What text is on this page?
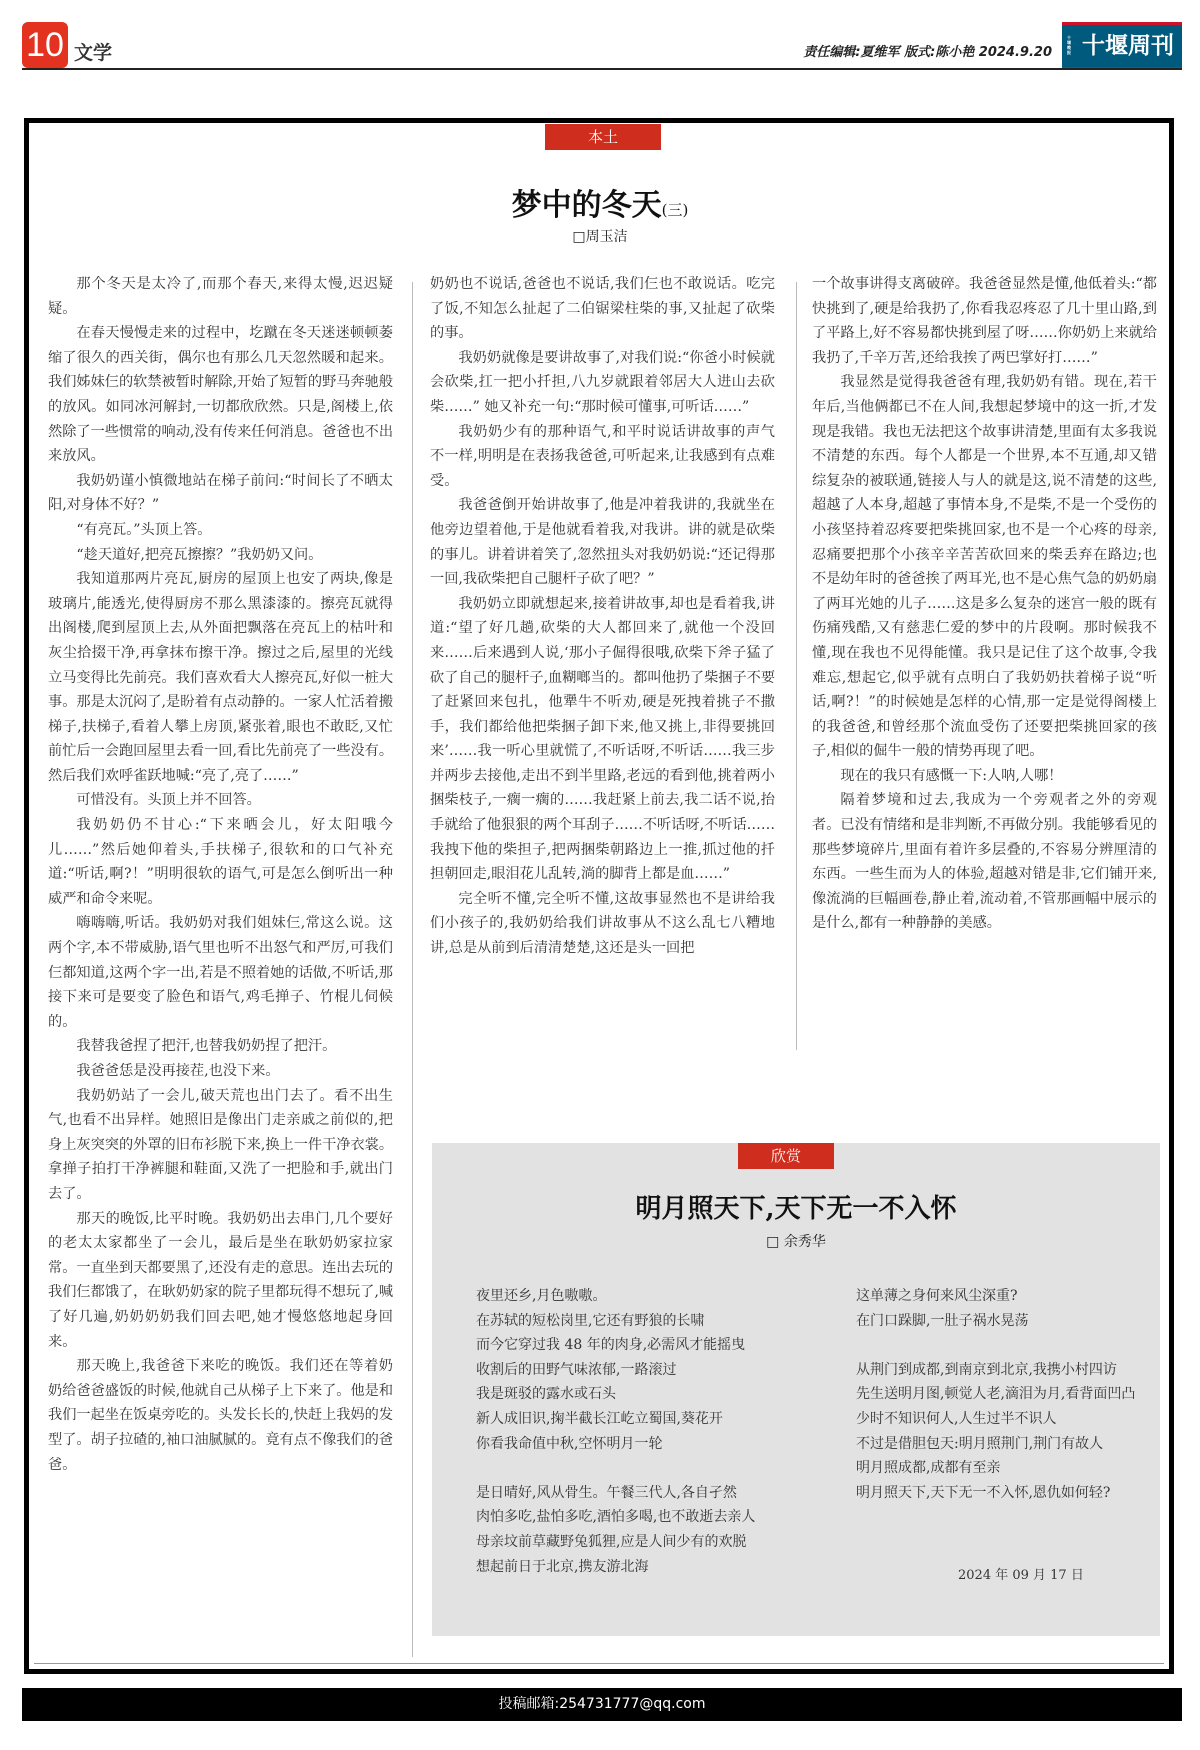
10 文学	责任编辑:夏维军 版式:陈小艳 2024.9.20
十堰晚报 十堰周刊
本土
梦中的冬天(三)
□周玉洁

那个冬天是太冷了,而那个春天,来得太慢,迟迟疑疑。

在春天慢慢走来的过程中，圪蹴在冬天迷迷顿顿萎缩了很久的西关街，偶尔也有那么几天忽然暖和起来。我们姊妹仨的软禁被暂时解除,开始了短暂的野马奔驰般的放风。如同冰河解封,一切都欣欣然。只是,阁楼上,依然除了一些惯常的响动,没有传来任何消息。爸爸也不出来放风。

我奶奶谨小慎微地站在梯子前问:“时间长了不晒太阳,对身体不好？”

“有亮瓦。”头顶上答。

“趁天道好,把亮瓦擦擦？”我奶奶又问。

我知道那两片亮瓦,厨房的屋顶上也安了两块,像是玻璃片,能透光,使得厨房不那么黑漆漆的。擦亮瓦就得出阁楼,爬到屋顶上去,从外面把飘落在亮瓦上的枯叶和灰尘拾掇干净,再拿抹布擦干净。擦过之后,屋里的光线立马变得比先前亮。我们喜欢看大人擦亮瓦,好似一桩大事。那是太沉闷了,是盼着有点动静的。一家人忙活着搬梯子,扶梯子,看着人攀上房顶,紧张着,眼也不敢眨,又忙前忙后一会跑回屋里去看一回,看比先前亮了一些没有。然后我们欢呼雀跃地喊:“亮了,亮了……”

可惜没有。头顶上并不回答。

我奶奶仍不甘心:“下来晒会儿，好太阳哦今儿……”然后她仰着头,手扶梯子,很软和的口气补充道:“听话,啊?！”明明很软的语气,可是怎么倒听出一种威严和命令来呢。

嗨嗨嗨,听话。我奶奶对我们姐妹仨,常这么说。这两个字,本不带威胁,语气里也听不出怒气和严厉,可我们仨都知道,这两个字一出,若是不照着她的话做,不听话,那接下来可是要变了脸色和语气,鸡毛掸子、竹棍儿伺候的。

我替我爸捏了把汗,也替我奶奶捏了把汗。

我爸爸恁是没再接茬,也没下来。

我奶奶站了一会儿,破天荒也出门去了。看不出生气,也看不出异样。她照旧是像出门走亲戚之前似的,把身上灰突突的外罩的旧布衫脱下来,换上一件干净衣裳。拿掸子拍打干净裤腿和鞋面,又洗了一把脸和手,就出门去了。

那天的晚饭,比平时晚。我奶奶出去串门,几个要好的老太太家都坐了一会儿，最后是坐在耿奶奶家拉家常。一直坐到天都要黑了,还没有走的意思。连出去玩的我们仨都饿了，在耿奶奶家的院子里都玩得不想玩了,喊了好几遍,奶奶奶奶我们回去吧,她才慢悠悠地起身回来。

那天晚上,我爸爸下来吃的晚饭。我们还在等着奶奶给爸爸盛饭的时候,他就自己从梯子上下来了。他是和我们一起坐在饭桌旁吃的。头发长长的,快赶上我妈的发型了。胡子拉碴的,袖口油腻腻的。竟有点不像我们的爸爸。

奶奶也不说话,爸爸也不说话,我们仨也不敢说话。吃完了饭,不知怎么扯起了二伯锯梁柱柴的事,又扯起了砍柴的事。

我奶奶就像是要讲故事了,对我们说:“你爸小时候就会砍柴,扛一把小扦担,八九岁就跟着邻居大人进山去砍柴……” 她又补充一句:“那时候可懂事,可听话……”

我奶奶少有的那种语气,和平时说话讲故事的声气不一样,明明是在表扬我爸爸,可听起来,让我感到有点难受。

我爸爸倒开始讲故事了,他是冲着我讲的,我就坐在他旁边望着他,于是他就看着我,对我讲。讲的就是砍柴的事儿。讲着讲着笑了,忽然扭头对我奶奶说:“还记得那一回,我砍柴把自己腿杆子砍了吧？”

我奶奶立即就想起来,接着讲故事,却也是看着我,讲道:“望了好几趟,砍柴的大人都回来了,就他一个没回来……后来遇到人说,‘那小子倔得很哦,砍柴下斧子猛了砍了自己的腿杆子,血糊啷当的。都叫他扔了柴捆子不要了赶紧回来包扎，他犟牛不听劝,硬是死拽着挑子不撒手，我们都给他把柴捆子卸下来,他又挑上,非得要挑回来’……我一听心里就慌了,不听话呀,不听话……我三步并两步去接他,走出不到半里路,老远的看到他,挑着两小捆柴枝子,一瘸一瘸的……我赶紧上前去,我二话不说,抬手就给了他狠狠的两个耳刮子……不听话呀,不听话……我拽下他的柴担子,把两捆柴朝路边上一推,抓过他的扦担朝回走,眼泪花儿乱转,淌的脚背上都是血……”

完全听不懂,完全听不懂,这故事显然也不是讲给我们小孩子的,我奶奶给我们讲故事从不这么乱七八糟地讲,总是从前到后清清楚楚,这还是头一回把

一个故事讲得支离破碎。我爸爸显然是懂,他低着头:“都快挑到了,硬是给我扔了,你看我忍疼忍了几十里山路,到了平路上,好不容易都快挑到屋了呀……你奶奶上来就给我扔了,千辛万苦,还给我挨了两巴掌好打……”

我显然是觉得我爸爸有理,我奶奶有错。现在,若干年后,当他俩都已不在人间,我想起梦境中的这一折,才发现是我错。我也无法把这个故事讲清楚,里面有太多我说不清楚的东西。每个人都是一个世界,本不互通,却又错综复杂的被联通,链接人与人的就是这,说不清楚的这些,超越了人本身,超越了事情本身,不是柴,不是一个受伤的小孩坚持着忍疼要把柴挑回家,也不是一个心疼的母亲,忍痛要把那个小孩辛辛苦苦砍回来的柴丢弃在路边;也不是幼年时的爸爸挨了两耳光,也不是心焦气急的奶奶扇了两耳光她的儿子……这是多么复杂的迷宫一般的既有伤痛残酷,又有慈悲仁爱的梦中的片段啊。那时候我不懂,现在我也不见得能懂。我只是记住了这个故事,令我难忘,想起它,似乎就有点明白了我奶奶扶着梯子说“听话,啊?！”的时候她是怎样的心情,那一定是觉得阁楼上的我爸爸,和曾经那个流血受伤了还要把柴挑回家的孩子,相似的倔牛一般的情势再现了吧。

现在的我只有感慨一下:人呐,人哪！

隔着梦境和过去,我成为一个旁观者之外的旁观者。已没有情绪和是非判断,不再做分别。我能够看见的那些梦境碎片,里面有着许多层叠的,不容易分辨厘清的东西。一些生而为人的体验,超越对错是非,它们铺开来,像流淌的巨幅画卷,静止着,流动着,不管那画幅中展示的是什么,都有一种静静的美感。

欣赏
明月照天下,天下无一不入怀
□ 余秀华
夜里还乡,月色嗷嗷。
在苏轼的短松岗里,它还有野狼的长啸
而今它穿过我 48 年的肉身,必需风才能摇曳
收割后的田野气味浓郁,一路滚过
我是斑驳的露水或石头
新人成旧识,掬半截长江屹立蜀国,葵花开
你看我命值中秋,空怀明月一轮
是日晴好,风从骨生。午餐三代人,各自孑然
肉怕多吃,盐怕多吃,酒怕多喝,也不敢逝去亲人
母亲坟前草藏野兔狐狸,应是人间少有的欢脱
想起前日于北京,携友游北海
这单薄之身何来风尘深重?
在门口跺脚,一肚子祸水晃荡
从荆门到成都,到南京到北京,我携小村四访
先生送明月图,顿觉人老,滴泪为月,看背面凹凸
少时不知识何人,人生过半不识人
不过是借胆包天:明月照荆门,荆门有故人
明月照成都,成都有至亲
明月照天下,天下无一不入怀,恩仇如何轻?
2024 年 09 月 17 日
投稿邮箱:254731777@qq.com
